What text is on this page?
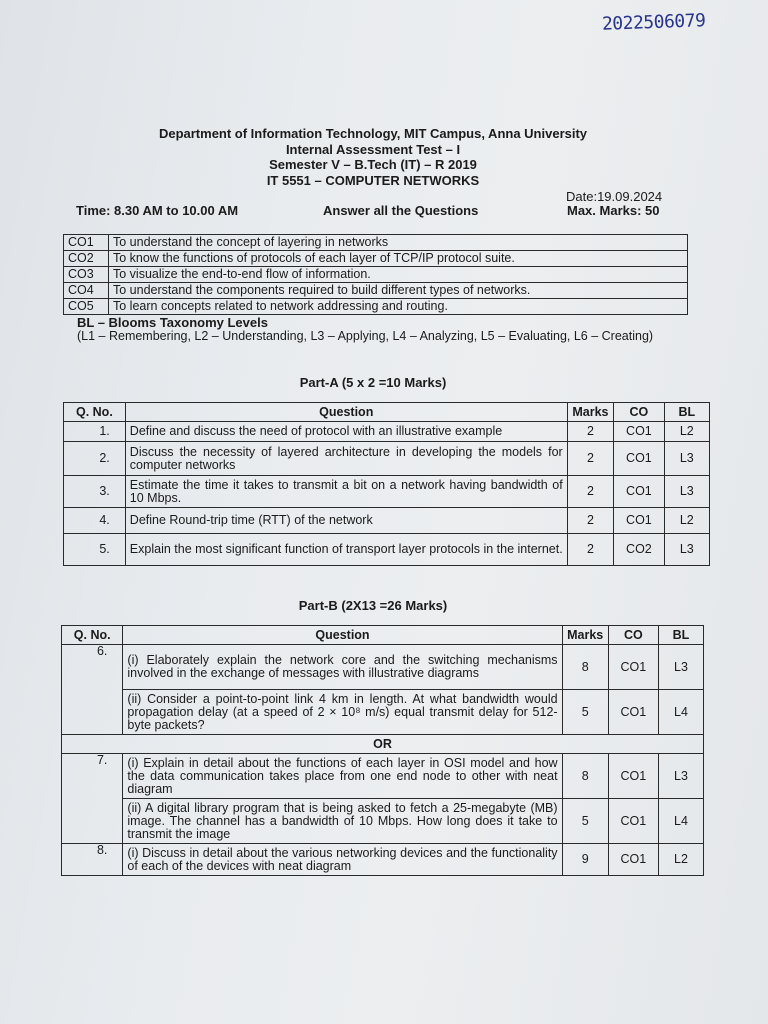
2022506079
Department of Information Technology, MIT Campus, Anna University
Internal Assessment Test – I
Semester V – B.Tech (IT) – R 2019
IT 5551 – COMPUTER NETWORKS
Date:19.09.2024
Time: 8.30 AM to 10.00 AM	Answer all the Questions	Max. Marks: 50
CO1	To understand the concept of layering in networks
CO2	To know the functions of protocols of each layer of TCP/IP protocol suite.
CO3	To visualize the end-to-end flow of information.
CO4	To understand the components required to build different types of networks.
CO5	To learn concepts related to network addressing and routing.
BL – Blooms Taxonomy Levels
(L1 – Remembering, L2 – Understanding, L3 – Applying, L4 – Analyzing, L5 – Evaluating, L6 – Creating)
Part-A (5 x 2 =10 Marks)
Q. No.	Question	Marks	CO	BL
1.	Define and discuss the need of protocol with an illustrative example	2	CO1	L2
2.	Discuss the necessity of layered architecture in developing the models for computer networks	2	CO1	L3
3.	Estimate the time it takes to transmit a bit on a network having bandwidth of 10 Mbps.	2	CO1	L3
4.	Define Round-trip time (RTT) of the network	2	CO1	L2
5.	Explain the most significant function of transport layer protocols in the internet.	2	CO2	L3
Part-B (2X13 =26 Marks)
Q. No.	Question	Marks	CO	BL
6.	(i) Elaborately explain the network core and the switching mechanisms involved in the exchange of messages with illustrative diagrams	8	CO1	L3
	(ii) Consider a point-to-point link 4 km in length. At what bandwidth would propagation delay (at a speed of 2 × 10⁸ m/s) equal transmit delay for 512-byte packets?	5	CO1	L4
OR				
7.	(i) Explain in detail about the functions of each layer in OSI model and how the data communication takes place from one end node to other with neat diagram	8	CO1	L3
	(ii) A digital library program that is being asked to fetch a 25-megabyte (MB) image. The channel has a bandwidth of 10 Mbps. How long does it take to transmit the image	5	CO1	L4
8.	(i) Discuss in detail about the various networking devices and the functionality of each of the devices with neat diagram	9	CO1	L2
